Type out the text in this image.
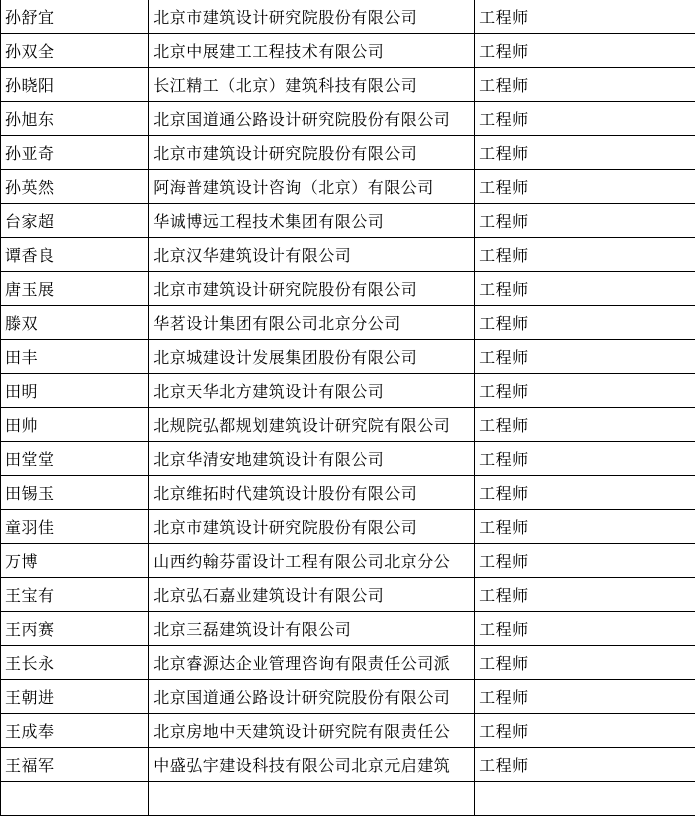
孙舒宜	北京市建筑设计研究院股份有限公司	工程师
孙双全	北京中展建工工程技术有限公司	工程师
孙晓阳	长江精工（北京）建筑科技有限公司	工程师
孙旭东	北京国道通公路设计研究院股份有限公司	工程师
孙亚奇	北京市建筑设计研究院股份有限公司	工程师
孙英然	阿海普建筑设计咨询（北京）有限公司	工程师
台家超	华诚博远工程技术集团有限公司	工程师
谭香良	北京汉华建筑设计有限公司	工程师
唐玉展	北京市建筑设计研究院股份有限公司	工程师
滕双	华茗设计集团有限公司北京分公司	工程师
田丰	北京城建设计发展集团股份有限公司	工程师
田明	北京天华北方建筑设计有限公司	工程师
田帅	北规院弘都规划建筑设计研究院有限公司	工程师
田堂堂	北京华清安地建筑设计有限公司	工程师
田锡玉	北京维拓时代建筑设计股份有限公司	工程师
童羽佳	北京市建筑设计研究院股份有限公司	工程师
万博	山西约翰芬雷设计工程有限公司北京分公	工程师
王宝有	北京弘石嘉业建筑设计有限公司	工程师
王丙赛	北京三磊建筑设计有限公司	工程师
王长永	北京睿源达企业管理咨询有限责任公司派	工程师
王朝进	北京国道通公路设计研究院股份有限公司	工程师
王成奉	北京房地中天建筑设计研究院有限责任公	工程师
王福军	中盛弘宇建设科技有限公司北京元启建筑	工程师
